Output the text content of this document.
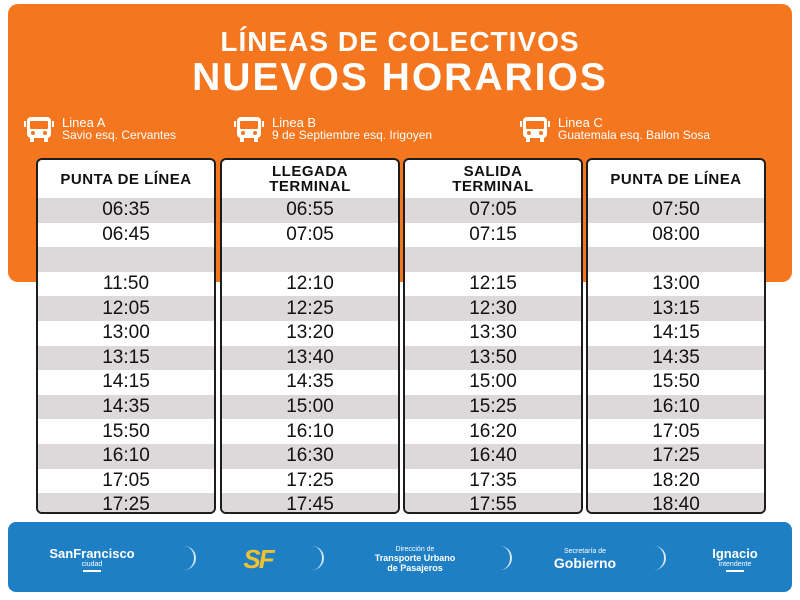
LÍNEAS DE COLECTIVOS
NUEVOS HORARIOS
Linea A
Savio esq. Cervantes
Linea B
9 de Septiembre esq. Irigoyen
Linea C
Guatemala esq. Bailon Sosa
PUNTA DE LÍNEA
06:35
06:45
11:50
12:05
13:00
13:15
14:15
14:35
15:50
16:10
17:05
17:25
LLEGADA TERMINAL
06:55
07:05
12:10
12:25
13:20
13:40
14:35
15:00
16:10
16:30
17:25
17:45
SALIDA TERMINAL
07:05
07:15
12:15
12:30
13:30
13:50
15:00
15:25
16:20
16:40
17:35
17:55
PUNTA DE LÍNEA
07:50
08:00
13:00
13:15
14:15
14:35
15:50
16:10
17:05
17:25
18:20
18:40
SanFrancisco
ciudad	SF	Dirección de
Transporte Urbano
de Pasajeros
Secretaría de
Gobierno
Ignacio
intendente
